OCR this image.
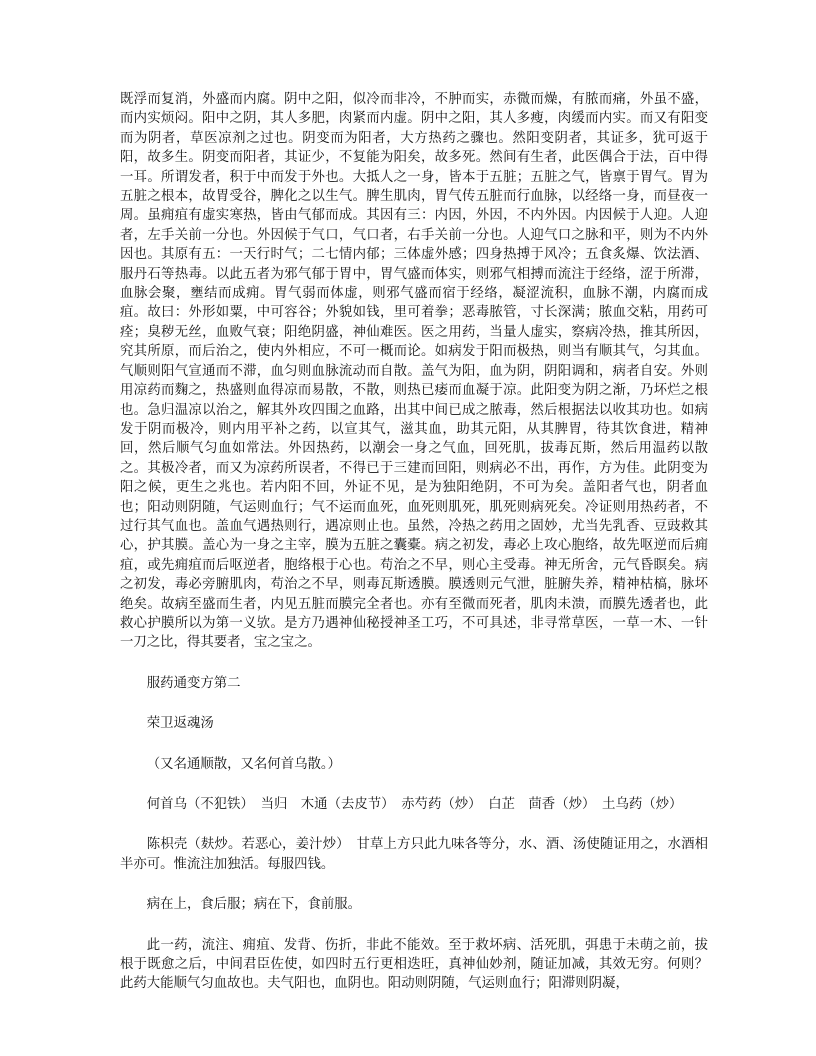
既浮而复消，外盛而内腐。阴中之阳，似冷而非冷，不肿而实，赤微而燥，有脓而痛，外虽不盛，而内实烦闷。阳中之阴，其人多肥，肉紧而内虚。阴中之阳，其人多瘦，肉缓而内实。而又有阳变而为阴者，草医凉剂之过也。阴变而为阳者，大方热药之骤也。然阳变阴者，其证多，犹可返于阳，故多生。阴变而阳者，其证少，不复能为阳矣，故多死。然间有生者，此医偶合于法，百中得一耳。所谓发者，积于中而发于外也。大抵人之一身，皆本于五脏；五脏之气，皆禀于胃气。胃为五脏之根本，故胃受谷，脾化之以生气。脾生肌肉，胃气传五脏而行血脉，以经络一身，而昼夜一周。虽痈疽有虚实寒热，皆由气郁而成。其因有三：内因，外因，不内外因。内因候于人迎。人迎者，左手关前一分也。外因候于气口，气口者，右手关前一分也。人迎气口之脉和平，则为不内外因也。其原有五：一天行时气；二七情内郁；三体虚外感；四身热搏于风冷；五食炙爆、饮法酒、服丹石等热毒。以此五者为邪气郁于胃中，胃气盛而体实，则邪气相搏而流注于经络，涩于所滞，血脉会聚，壅结而成痈。胃气弱而体虚，则邪气盛而宿于经络，凝涩流积，血脉不潮，内腐而成疽。故曰：外形如粟，中可容谷；外貌如钱，里可着拳；恶毒脓管，寸长深满；脓血交粘，用药可痊；臭秽无丝，血败气衰；阳绝阴盛，神仙难医。医之用药，当量人虚实，察病冷热，推其所因，究其所原，而后治之，使内外相应，不可一概而论。如病发于阳而极热，则当有顺其气，匀其血。气顺则阳气宣通而不滞，血匀则血脉流动而自散。盖气为阳，血为阴，阴阳调和，病者自安。外则用凉药而麴之，热盛则血得凉而易散，不散，则热已痿而血凝于凉。此阳变为阴之渐，乃坏烂之根也。急归温凉以治之，解其外攻四围之血路，出其中间已成之脓毒，然后根据法以收其功也。如病发于阴而极冷，则内用平补之药，以宣其气，滋其血，助其元阳，从其脾胃，待其饮食进，精神回，然后顺气匀血如常法。外因热药，以潮会一身之气血，回死肌，拔毒瓦斯，然后用温药以散之。其极冷者，而又为凉药所误者，不得已于三建而回阳，则病必不出，再作，方为佳。此阴变为阳之候，更生之兆也。若内阳不回，外证不见，是为独阳绝阴，不可为矣。盖阳者气也，阴者血也；阳动则阴随，气运则血行；气不运而血死，血死则肌死，肌死则病死矣。冷证则用热药者，不过行其气血也。盖血气遇热则行，遇凉则止也。虽然，冷热之药用之固妙，尤当先乳香、豆豉救其心，护其膜。盖心为一身之主宰，膜为五脏之囊橐。病之初发，毒必上攻心胞络，故先呕逆而后痈疽，或先痈疽而后呕逆者，胞络根于心也。苟治之不早，则心主受毒。神无所舍，元气昏瞑矣。病之初发，毒必旁腑肌肉，苟治之不早，则毒瓦斯透膜。膜透则元气泄，脏腑失养，精神枯槁，脉坏绝矣。故病至盛而生者，内见五脏而膜完全者也。亦有至微而死者，肌肉未溃，而膜先透者也，此救心护膜所以为第一义欤。是方乃遇神仙秘授神圣工巧，不可具述，非寻常草医，一草一木、一针一刀之比，得其要者，宝之宝之。

服药通变方第二

荣卫返魂汤

（又名通顺散，又名何首乌散。）

何首乌（不犯铁）　当归　木通（去皮节）　赤芍药（炒）　白芷　茴香（炒）　土乌药（炒）

陈枳壳（麸炒。若恶心，姜汁炒）　甘草上方只此九味各等分，水、酒、汤使随证用之，水酒相半亦可。惟流注加独活。每服四钱。

病在上，食后服；病在下，食前服。

此一药，流注、痈疽、发背、伤折，非此不能效。至于救坏病、活死肌，弭患于未萌之前，拔根于既愈之后，中间君臣佐使，如四时五行更相迭旺，真神仙妙剂，随证加减，其效无穷。何则？此药大能顺气匀血故也。夫气阳也，血阴也。阳动则阴随，气运则血行；阳滞则阴凝，
